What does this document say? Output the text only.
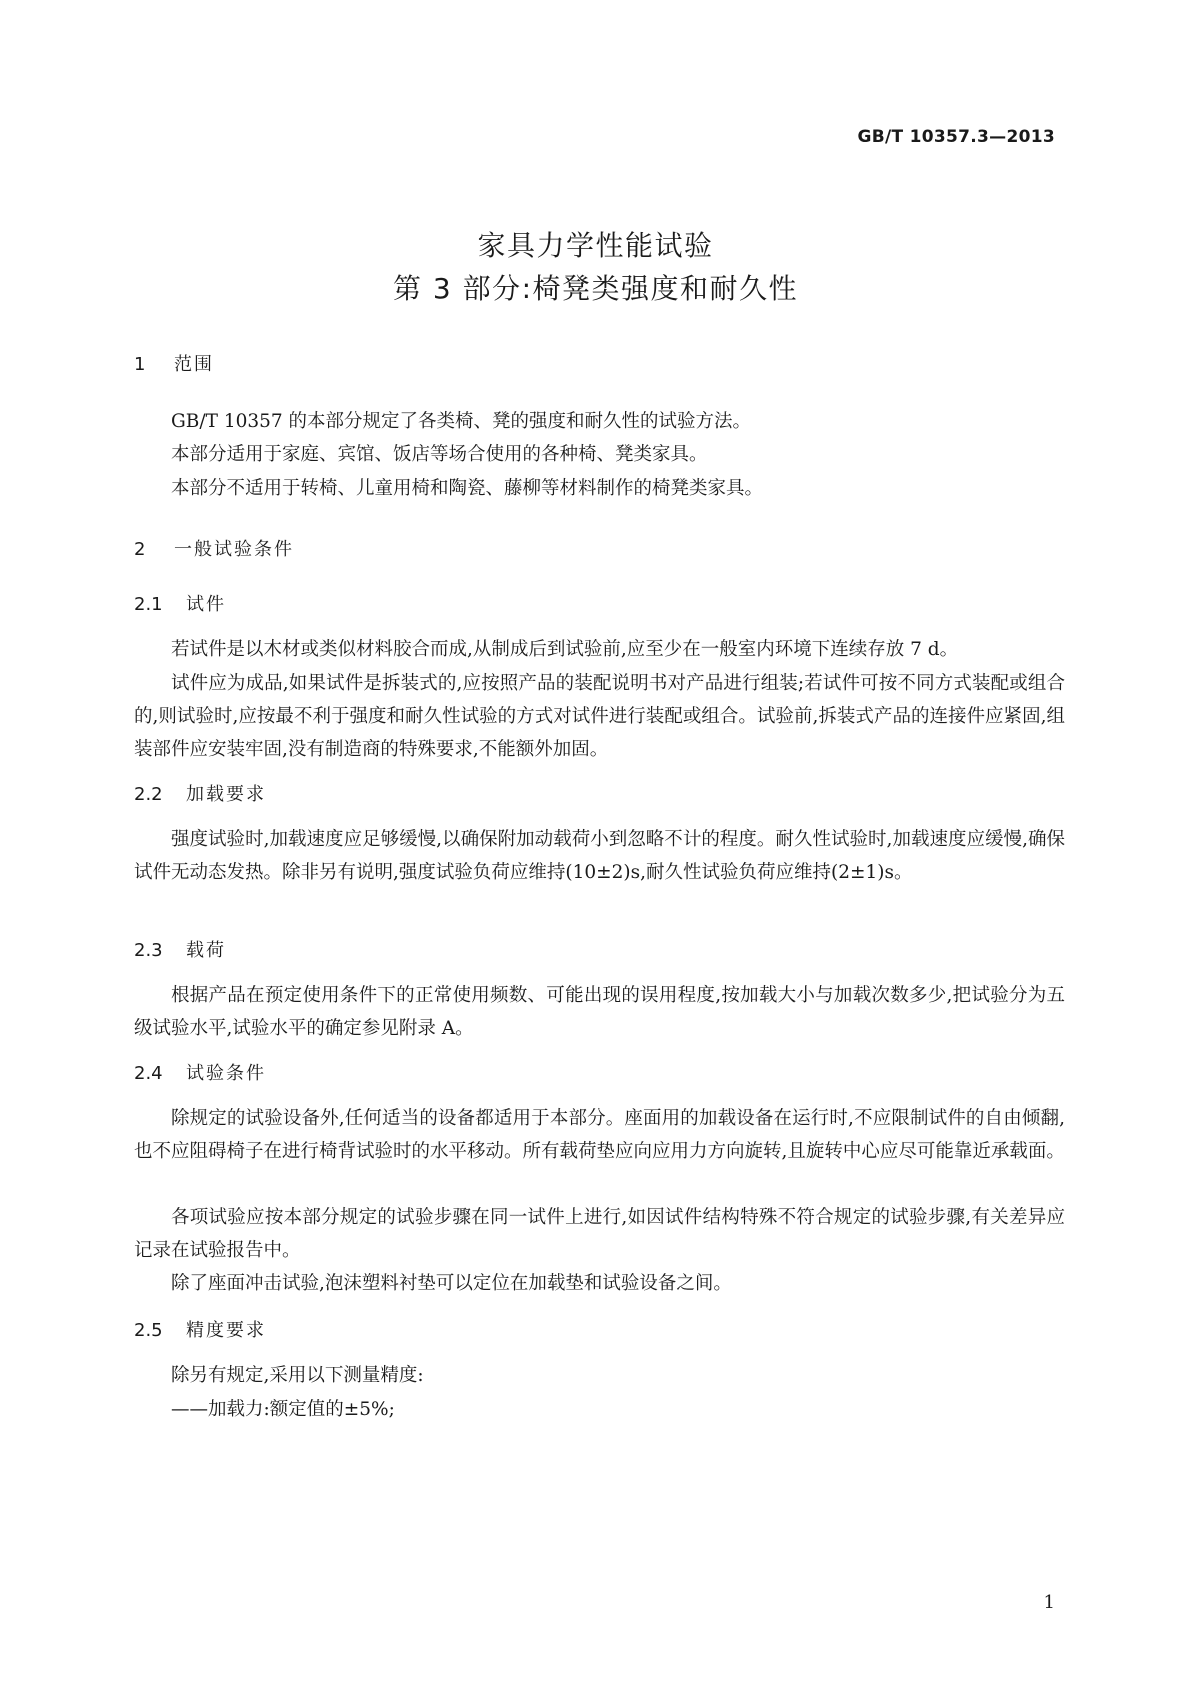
GB/T 10357.3—2013
家具力学性能试验
第 3 部分:椅凳类强度和耐久性
1 范围
GB/T 10357 的本部分规定了各类椅、凳的强度和耐久性的试验方法。
本部分适用于家庭、宾馆、饭店等场合使用的各种椅、凳类家具。
本部分不适用于转椅、儿童用椅和陶瓷、藤柳等材料制作的椅凳类家具。
2 一般试验条件
2.1 试件
若试件是以木材或类似材料胶合而成,从制成后到试验前,应至少在一般室内环境下连续存放 7 d。
试件应为成品,如果试件是拆装式的,应按照产品的装配说明书对产品进行组装;若试件可按不同方式装配或组合的,则试验时,应按最不利于强度和耐久性试验的方式对试件进行装配或组合。试验前,拆装式产品的连接件应紧固,组装部件应安装牢固,没有制造商的特殊要求,不能额外加固。
2.2 加载要求
强度试验时,加载速度应足够缓慢,以确保附加动载荷小到忽略不计的程度。耐久性试验时,加载速度应缓慢,确保试件无动态发热。除非另有说明,强度试验负荷应维持(10±2)s,耐久性试验负荷应维持(2±1)s。
2.3 载荷
根据产品在预定使用条件下的正常使用频数、可能出现的误用程度,按加载大小与加载次数多少,把试验分为五级试验水平,试验水平的确定参见附录 A。
2.4 试验条件
除规定的试验设备外,任何适当的设备都适用于本部分。座面用的加载设备在运行时,不应限制试件的自由倾翻,也不应阻碍椅子在进行椅背试验时的水平移动。所有载荷垫应向应用力方向旋转,且旋转中心应尽可能靠近承载面。
各项试验应按本部分规定的试验步骤在同一试件上进行,如因试件结构特殊不符合规定的试验步骤,有关差异应记录在试验报告中。
除了座面冲击试验,泡沫塑料衬垫可以定位在加载垫和试验设备之间。
2.5 精度要求
除另有规定,采用以下测量精度:
——加载力:额定值的±5%;
1
